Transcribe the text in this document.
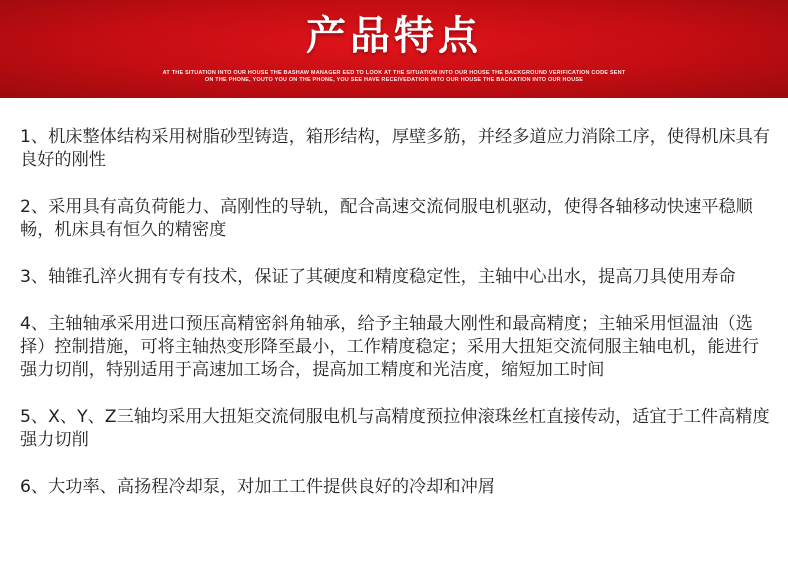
产品特点
AT THE SITUATION INTO OUR HOUSE THE BASHAW MANAGER EED TO LOOK AT THE SITUATION INTO OUR HOUSE THE BACKGROUND VERIFICATION CODE SENT
ON THE PHONE, YOUTO YOU ON THE PHONE, YOU SEE HAVE RECEIVEDATION INTO OUR HOUSE THE BACKATION INTO OUR HOUSE

1、机床整体结构采用树脂砂型铸造，箱形结构，厚壁多筋，并经多道应力消除工序，使得机床具有良好的刚性

2、采用具有高负荷能力、高刚性的导轨，配合高速交流伺服电机驱动，使得各轴移动快速平稳顺畅，机床具有恒久的精密度

3、轴锥孔淬火拥有专有技术，保证了其硬度和精度稳定性，主轴中心出水，提高刀具使用寿命

4、主轴轴承采用进口预压高精密斜角轴承，给予主轴最大刚性和最高精度；主轴采用恒温油（选择）控制措施，可将主轴热变形降至最小，工作精度稳定；采用大扭矩交流伺服主轴电机，能进行强力切削，特别适用于高速加工场合，提高加工精度和光洁度，缩短加工时间

5、X、Y、Z三轴均采用大扭矩交流伺服电机与高精度预拉伸滚珠丝杠直接传动，适宜于工件高精度强力切削

6、大功率、高扬程冷却泵，对加工工件提供良好的冷却和冲屑
